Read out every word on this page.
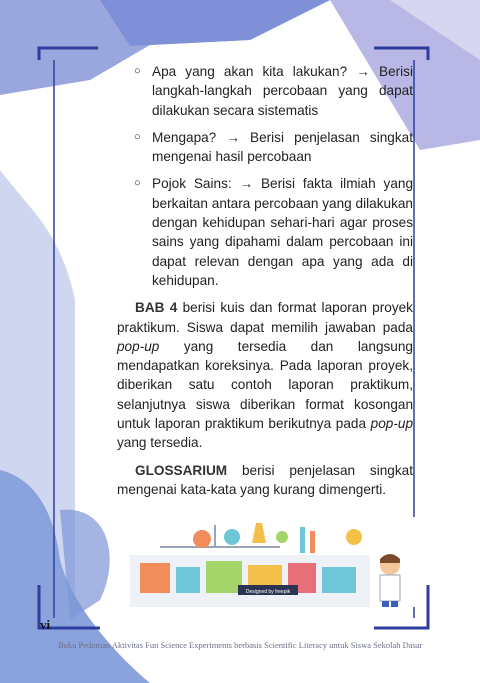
○ Apa yang akan kita lakukan? → Berisi langkah-langkah percobaan yang dapat dilakukan secara sistematis
○ Mengapa? → Berisi penjelasan singkat mengenai hasil percobaan
○ Pojok Sains: → Berisi fakta ilmiah yang berkaitan antara percobaan yang dilakukan dengan kehidupan sehari-hari agar proses sains yang dipahami dalam percobaan ini dapat relevan dengan apa yang ada di kehidupan.
BAB 4 berisi kuis dan format laporan proyek praktikum. Siswa dapat memilih jawaban pada pop-up yang tersedia dan langsung mendapatkan koreksinya. Pada laporan proyek, diberikan satu contoh laporan praktikum, selanjutnya siswa diberikan format kosongan untuk laporan praktikum berikutnya pada pop-up yang tersedia.
GLOSSARIUM berisi penjelasan singkat mengenai kata-kata yang kurang dimengerti.
Designed by freepik
vi
Buku Pedoman Aktivitas Fun Science Experiments berbasis Scientific Literacy untuk Siswa Sekolah Dasar
